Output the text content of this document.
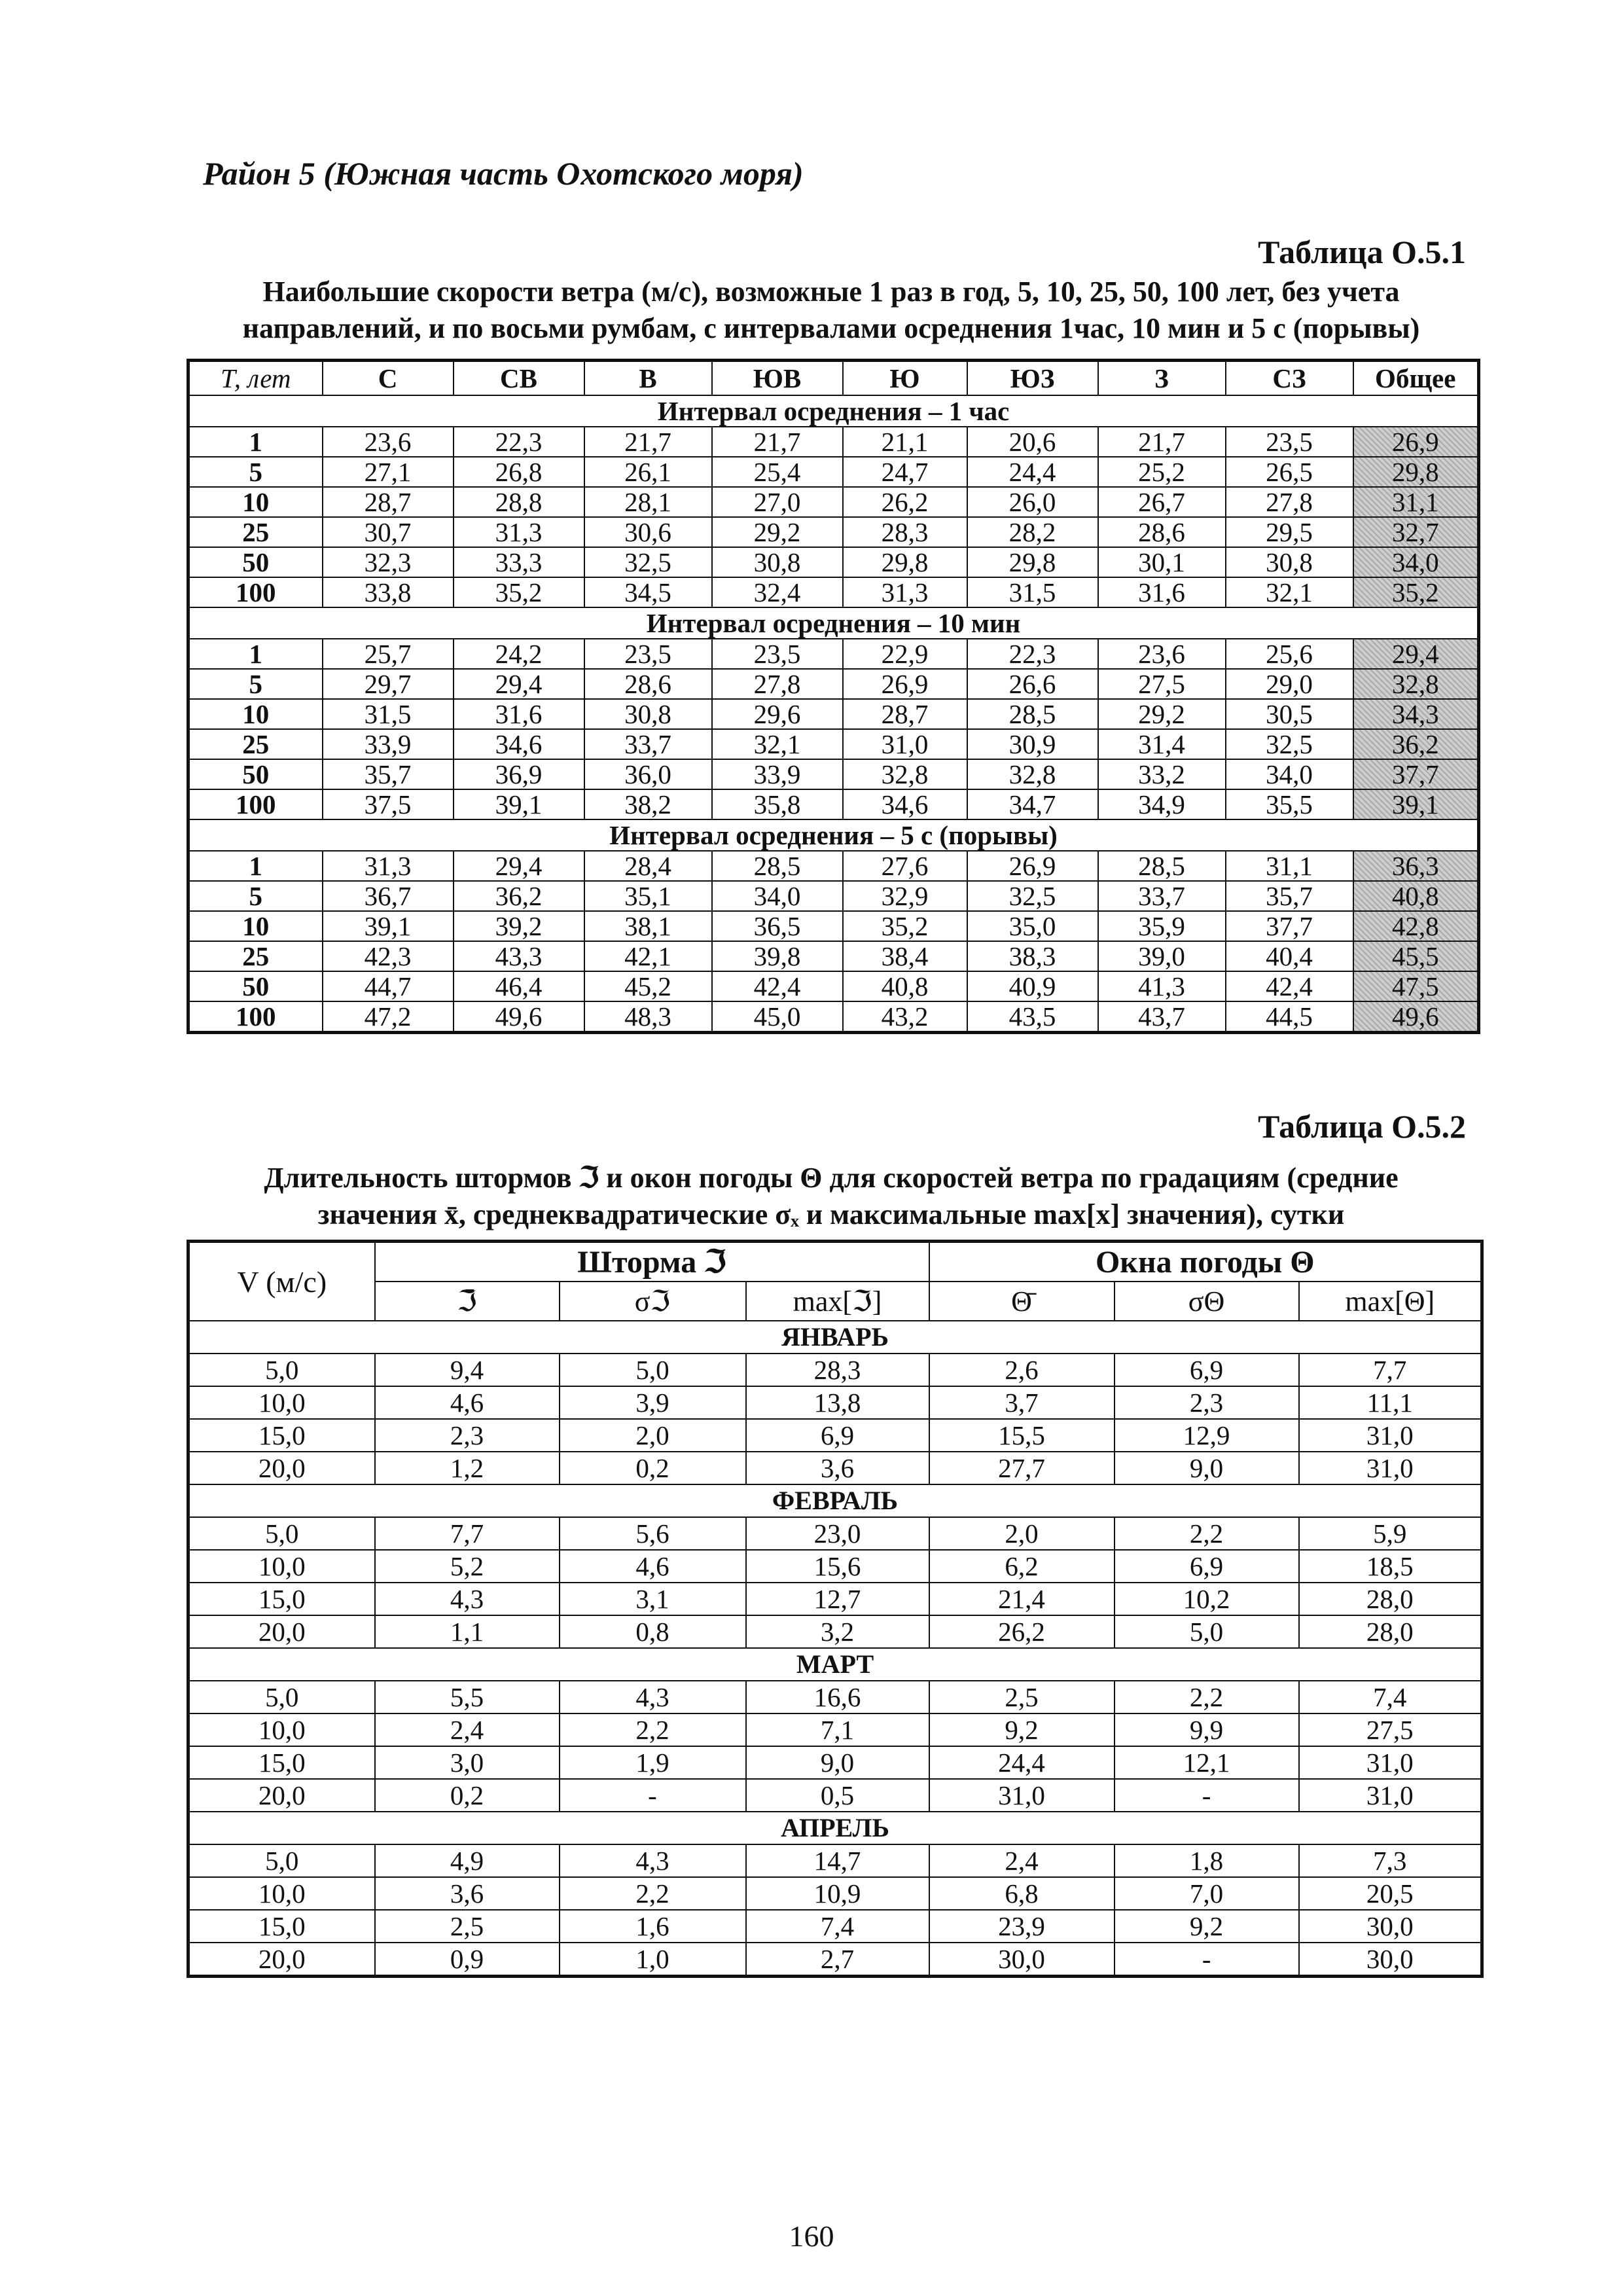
Район 5 (Южная часть Охотского моря)
Таблица О.5.1
Наибольшие скорости ветра (м/с), возможные 1 раз в год, 5, 10, 25, 50, 100 лет, без учета
направлений, и по восьми румбам, с интервалами осреднения 1час, 10 мин и 5 с (порывы)
Т, лет	С	СВ	В	ЮВ	Ю	ЮЗ	З	СЗ	Общее
Интервал осреднения – 1 час									
1	23,6	22,3	21,7	21,7	21,1	20,6	21,7	23,5	26,9
5	27,1	26,8	26,1	25,4	24,7	24,4	25,2	26,5	29,8
10	28,7	28,8	28,1	27,0	26,2	26,0	26,7	27,8	31,1
25	30,7	31,3	30,6	29,2	28,3	28,2	28,6	29,5	32,7
50	32,3	33,3	32,5	30,8	29,8	29,8	30,1	30,8	34,0
100	33,8	35,2	34,5	32,4	31,3	31,5	31,6	32,1	35,2
Интервал осреднения – 10 мин									
1	25,7	24,2	23,5	23,5	22,9	22,3	23,6	25,6	29,4
5	29,7	29,4	28,6	27,8	26,9	26,6	27,5	29,0	32,8
10	31,5	31,6	30,8	29,6	28,7	28,5	29,2	30,5	34,3
25	33,9	34,6	33,7	32,1	31,0	30,9	31,4	32,5	36,2
50	35,7	36,9	36,0	33,9	32,8	32,8	33,2	34,0	37,7
100	37,5	39,1	38,2	35,8	34,6	34,7	34,9	35,5	39,1
Интервал осреднения – 5 с (порывы)									
1	31,3	29,4	28,4	28,5	27,6	26,9	28,5	31,1	36,3
5	36,7	36,2	35,1	34,0	32,9	32,5	33,7	35,7	40,8
10	39,1	39,2	38,1	36,5	35,2	35,0	35,9	37,7	42,8
25	42,3	43,3	42,1	39,8	38,4	38,3	39,0	40,4	45,5
50	44,7	46,4	45,2	42,4	40,8	40,9	41,3	42,4	47,5
100	47,2	49,6	48,3	45,0	43,2	43,5	43,7	44,5	49,6
Таблица О.5.2
Длительность штормов ℑ и окон погоды Θ для скоростей ветра по градациям (средние
значения x̄, среднеквадратические σₓ и максимальные max[x] значения), сутки
V (м/с)	Шторма ℑ			Окна погоды Θ		
	ℑ̄	σℑ	max[ℑ]	Θ̄	σΘ	max[Θ]
ЯНВАРЬ						
5,0	9,4	5,0	28,3	2,6	6,9	7,7
10,0	4,6	3,9	13,8	3,7	2,3	11,1
15,0	2,3	2,0	6,9	15,5	12,9	31,0
20,0	1,2	0,2	3,6	27,7	9,0	31,0
ФЕВРАЛЬ						
5,0	7,7	5,6	23,0	2,0	2,2	5,9
10,0	5,2	4,6	15,6	6,2	6,9	18,5
15,0	4,3	3,1	12,7	21,4	10,2	28,0
20,0	1,1	0,8	3,2	26,2	5,0	28,0
МАРТ						
5,0	5,5	4,3	16,6	2,5	2,2	7,4
10,0	2,4	2,2	7,1	9,2	9,9	27,5
15,0	3,0	1,9	9,0	24,4	12,1	31,0
20,0	0,2	-	0,5	31,0	-	31,0
АПРЕЛЬ						
5,0	4,9	4,3	14,7	2,4	1,8	7,3
10,0	3,6	2,2	10,9	6,8	7,0	20,5
15,0	2,5	1,6	7,4	23,9	9,2	30,0
20,0	0,9	1,0	2,7	30,0	-	30,0
160
